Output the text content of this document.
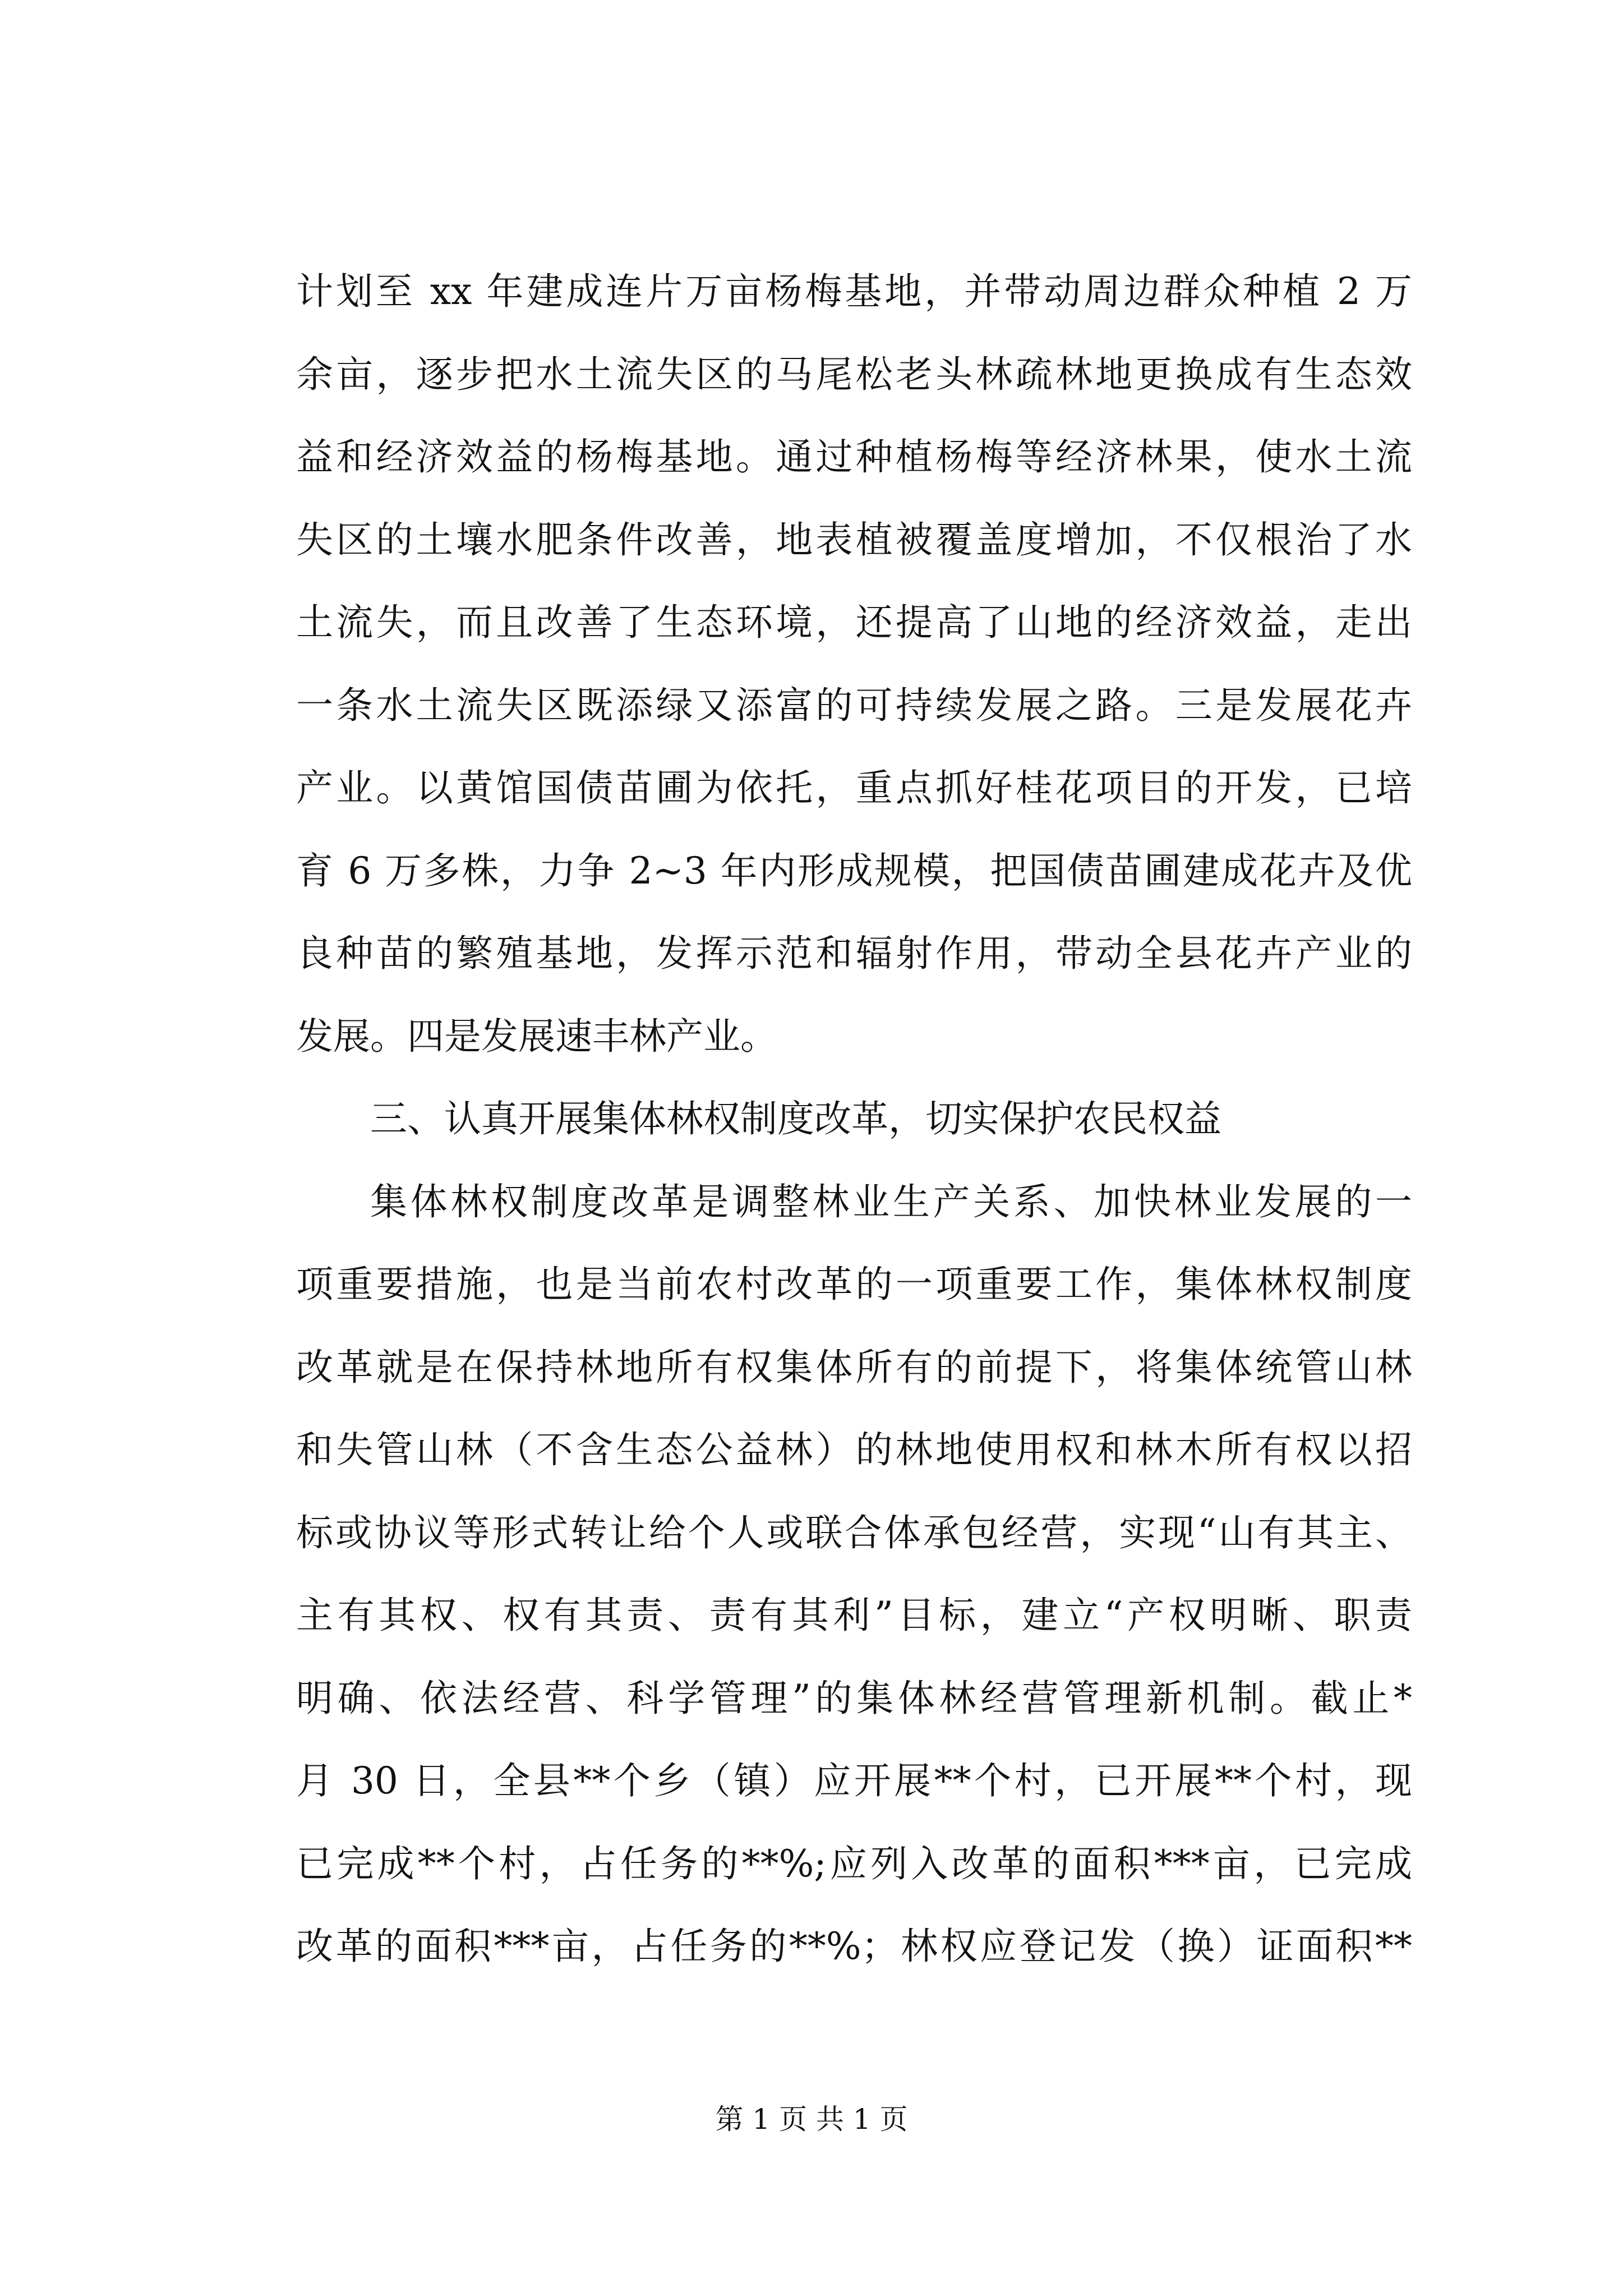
计划至 xx 年建成连片万亩杨梅基地，并带动周边群众种植 2 万
余亩，逐步把水土流失区的马尾松老头林疏林地更换成有生态效
益和经济效益的杨梅基地。通过种植杨梅等经济林果，使水土流
失区的土壤水肥条件改善，地表植被覆盖度增加，不仅根治了水
土流失，而且改善了生态环境，还提高了山地的经济效益，走出
一条水土流失区既添绿又添富的可持续发展之路。三是发展花卉
产业。以黄馆国债苗圃为依托，重点抓好桂花项目的开发，已培
育 6 万多株，力争 2~3 年内形成规模，把国债苗圃建成花卉及优
良种苗的繁殖基地，发挥示范和辐射作用，带动全县花卉产业的
发展。四是发展速丰林产业。
三、认真开展集体林权制度改革，切实保护农民权益
集体林权制度改革是调整林业生产关系、加快林业发展的一
项重要措施，也是当前农村改革的一项重要工作，集体林权制度
改革就是在保持林地所有权集体所有的前提下，将集体统管山林
和失管山林（不含生态公益林）的林地使用权和林木所有权以招
标或协议等形式转让给个人或联合体承包经营，实现“山有其主、
主有其权、权有其责、责有其利”目标，建立“产权明晰、职责
明确、依法经营、科学管理”的集体林经营管理新机制。截止*
月 30 日，全县**个乡（镇）应开展**个村，已开展**个村，现
已完成**个村，占任务的**%;应列入改革的面积***亩，已完成
改革的面积***亩，占任务的**%；林权应登记发（换）证面积**
第 1 页 共 1 页
